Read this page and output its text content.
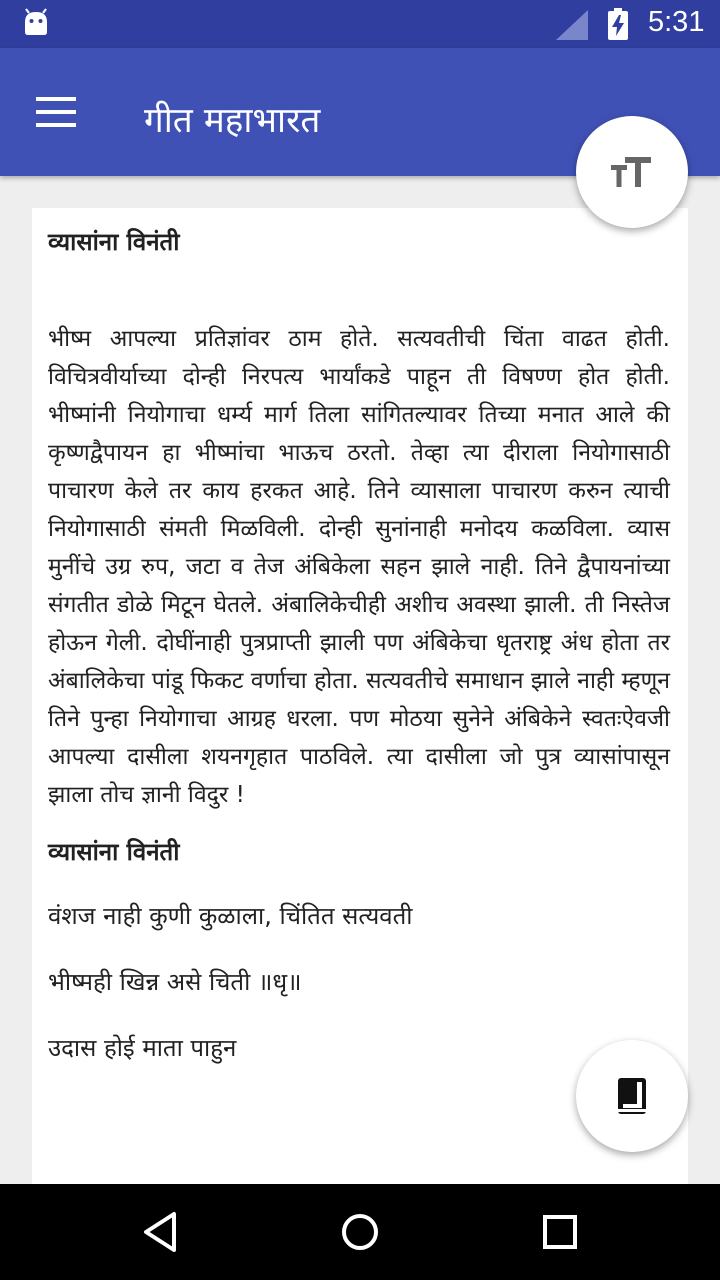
5:31
गीत महाभारत
व्यासांना विनंती
भीष्म आपल्या प्रतिज्ञांवर ठाम होते. सत्यवतीची चिंता वाढत होती. विचित्रवीर्याच्या दोन्ही निरपत्य भार्यांकडे पाहून ती विषण्ण होत होती. भीष्मांनी नियोगाचा धर्म्य मार्ग तिला सांगितल्यावर तिच्या मनात आले की कृष्णद्वैपायन हा भीष्मांचा भाऊच ठरतो. तेव्हा त्या दीराला नियोगासाठी पाचारण केले तर काय हरकत आहे. तिने व्यासाला पाचारण करुन त्याची नियोगासाठी संमती मिळविली. दोन्ही सुनांनाही मनोदय कळविला. व्यास मुनींचे उग्र रुप, जटा व तेज अंबिकेला सहन झाले नाही. तिने द्वैपायनांच्या संगतीत डोळे मिटून घेतले. अंबालिकेचीही अशीच अवस्था झाली. ती निस्तेज होऊन गेली. दोघींनाही पुत्रप्राप्ती झाली पण अंबिकेचा धृतराष्ट्र अंध होता तर अंबालिकेचा पांडू फिकट वर्णाचा होता. सत्यवतीचे समाधान झाले नाही म्हणून तिने पुन्हा नियोगाचा आग्रह धरला. पण मोठया सुनेने अंबिकेने स्वतःऐवजी आपल्या दासीला शयनगृहात पाठविले. त्या दासीला जो पुत्र व्यासांपासून झाला तोच ज्ञानी विदुर !
व्यासांना विनंती
वंशज नाही कुणी कुळाला, चिंतित सत्यवती
भीष्मही खिन्न असे चिती ॥धृ॥
उदास होई माता पाहुन
